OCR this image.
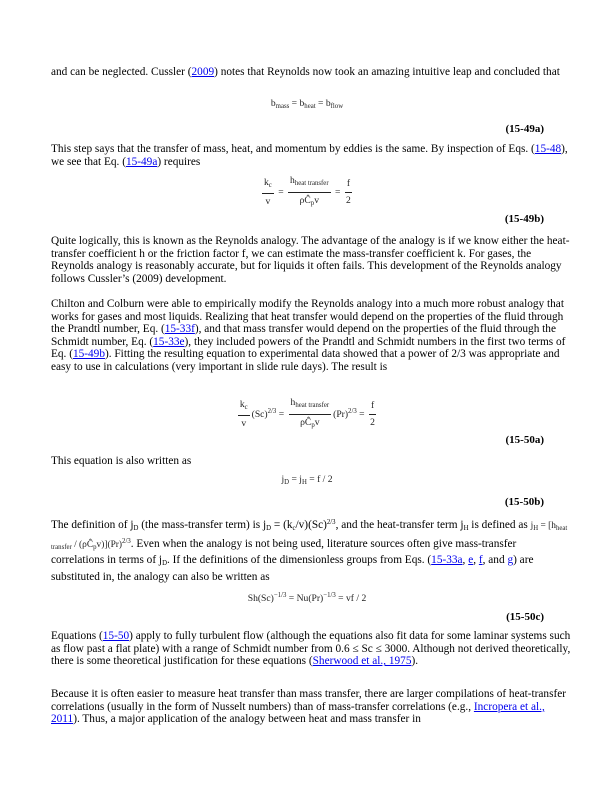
and can be neglected. Cussler (2009) notes that Reynolds now took an amazing intuitive leap and concluded that

$b_{mass} = b_{heat} = b_{flow}$
(15-49a)

This step says that the transfer of mass, heat, and momentum by eddies is the same. By inspection of Eqs. (15-48), we see that Eq. (15-49a) requires

$\frac{k_c}{v} = \frac{h_{heat transfer}}{\rho Ĉ_pv} = \frac{f}{2}$
(15-49b)

Quite logically, this is known as the Reynolds analogy. The advantage of the analogy is if we know either the heat-transfer coefficient h or the friction factor f, we can estimate the mass-transfer coefficient k. For gases, the Reynolds analogy is reasonably accurate, but for liquids it often fails. This development of the Reynolds analogy follows Cussler’s (2009) development.

Chilton and Colburn were able to empirically modify the Reynolds analogy into a much more robust analogy that works for gases and most liquids. Realizing that heat transfer would depend on the properties of the fluid through the Prandtl number, Eq. (15-33f), and that mass transfer would depend on the properties of the fluid through the Schmidt number, Eq. (15-33e), they included powers of the Prandtl and Schmidt numbers in the first two terms of Eq. (15-49b). Fitting the resulting equation to experimental data showed that a power of 2/3 was appropriate and easy to use in calculations (very important in slide rule days). The result is

$\frac{k_c}{v} (Sc)^{2/3} = \frac{h_{heat transfer}}{\rho Ĉ_pv} (Pr)^{2/3} = \frac{f}{2}$
(15-50a)

This equation is also written as

$j_D = j_H = f / 2$
(15-50b)

The definition of $j_D$ (the mass-transfer term) is $j_D = (k_c/v)(Sc)^{2/3}$, and the heat-transfer term $j_H$ is defined as $j_H = [h_{heat transfer}$ / $(\rho Ĉ_pv)](Pr)^{2/3}$. Even when the analogy is not being used, literature sources often give mass-transfer correlations in terms of $j_D$. If the definitions of the dimensionless groups from Eqs. (15-33a, e, f, and g) are substituted in, the analogy can also be written as

$Sh(Sc)^{-1/3} = Nu(Pr)^{-1/3}$ = vf / 2
(15-50c)

Equations (15-50) apply to fully turbulent flow (although the equations also fit data for some laminar systems such as flow past a flat plate) with a range of Schmidt number from 0.6 ≤ Sc ≤ 3000. Although not derived theoretically, there is some theoretical justification for these equations (Sherwood et al., 1975).

Because it is often easier to measure heat transfer than mass transfer, there are larger compilations of heat-transfer correlations (usually in the form of Nusselt numbers) than of mass-transfer correlations (e.g., Incropera et al., 2011). Thus, a major application of the analogy between heat and mass transfer in
